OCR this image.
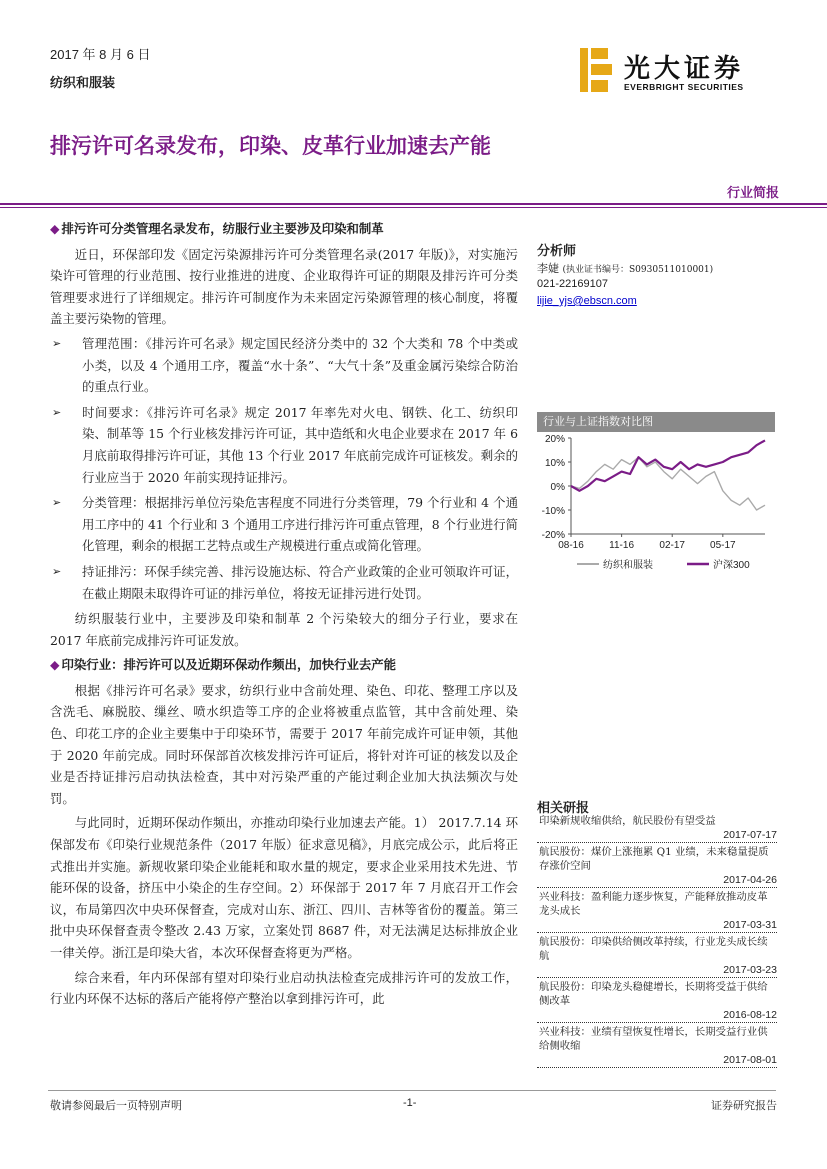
2017 年 8 月 6 日
纺织和服装	光大证券
EVERBRIGHT SECURITIES
排污许可名录发布，印染、皮革行业加速去产能
行业简报
◆ 排污许可分类管理名录发布，纺服行业主要涉及印染和制革

近日，环保部印发《固定污染源排污许可分类管理名录(2017 年版)》，对实施污染许可管理的行业范围、按行业推进的进度、企业取得许可证的期限及排污许可分类管理要求进行了详细规定。排污许可制度作为未来固定污染源管理的核心制度，将覆盖主要污染物的管理。

➢ 管理范围：《排污许可名录》规定国民经济分类中的 32 个大类和 78 个中类或小类，以及 4 个通用工序，覆盖“水十条”、“大气十条”及重金属污染综合防治的重点行业。
➢ 时间要求：《排污许可名录》规定 2017 年率先对火电、钢铁、化工、纺织印染、制革等 15 个行业核发排污许可证，其中造纸和火电企业要求在 2017 年 6 月底前取得排污许可证，其他 13 个行业 2017 年底前完成许可证核发。剩余的行业应当于 2020 年前实现持证排污。
➢ 分类管理：根据排污单位污染危害程度不同进行分类管理，79 个行业和 4 个通用工序中的 41 个行业和 3 个通用工序进行排污许可重点管理，8 个行业进行简化管理，剩余的根据工艺特点或生产规模进行重点或简化管理。
➢ 持证排污：环保手续完善、排污设施达标、符合产业政策的企业可领取许可证，在截止期限未取得许可证的排污单位，将按无证排污进行处罚。

纺织服装行业中，主要涉及印染和制革 2 个污染较大的细分子行业，要求在 2017 年底前完成排污许可证发放。

◆ 印染行业：排污许可以及近期环保动作频出，加快行业去产能

根据《排污许可名录》要求，纺织行业中含前处理、染色、印花、整理工序以及含洗毛、麻脱胶、缫丝、喷水织造等工序的企业将被重点监管，其中含前处理、染色、印花工序的企业主要集中于印染环节，需要于 2017 年前完成许可证申领，其他于 2020 年前完成。同时环保部首次核发排污许可证后，将针对许可证的核发以及企业是否持证排污启动执法检查，其中对污染严重的产能过剩企业加大执法频次与处罚。

与此同时，近期环保动作频出，亦推动印染行业加速去产能。1） 2017.7.14 环保部发布《印染行业规范条件（2017 年版）征求意见稿》，月底完成公示，此后将正式推出并实施。新规收紧印染企业能耗和取水量的规定，要求企业采用技术先进、节能环保的设备，挤压中小染企的生存空间。2）环保部于 2017 年 7 月底召开工作会议，布局第四次中央环保督查，完成对山东、浙江、四川、吉林等省份的覆盖。第三批中央环保督查责令整改 2.43 万家，立案处罚 8687 件，对无法满足达标排放企业一律关停。浙江是印染大省，本次环保督查将更为严格。

综合来看，年内环保部有望对印染行业启动执法检查完成排污许可的发放工作，行业内环保不达标的落后产能将停产整治以拿到排污许可，此

分析师
李婕 (执业证书编号：S0930511010001)
021-22169107
lijie_yjs@ebscn.com
行业与上证指数对比图
20%
10%
0%
-10%
-20%
08-16	11-16	02-17	05-17
纺织和服装	沪深300
相关研报
印染新规收缩供给，航民股份有望受益
2017-07-17
航民股份：煤价上涨拖累 Q1 业绩，未来稳量提质存涨价空间
2017-04-26
兴业科技：盈利能力逐步恢复，产能释放推动皮革龙头成长
2017-03-31
航民股份：印染供给侧改革持续，行业龙头成长续航
2017-03-23
航民股份：印染龙头稳健增长，长期将受益于供给侧改革
2016-08-12
兴业科技：业绩有望恢复性增长，长期受益行业供给侧收缩
2017-08-01
敬请参阅最后一页特别声明	-1-	证券研究报告
